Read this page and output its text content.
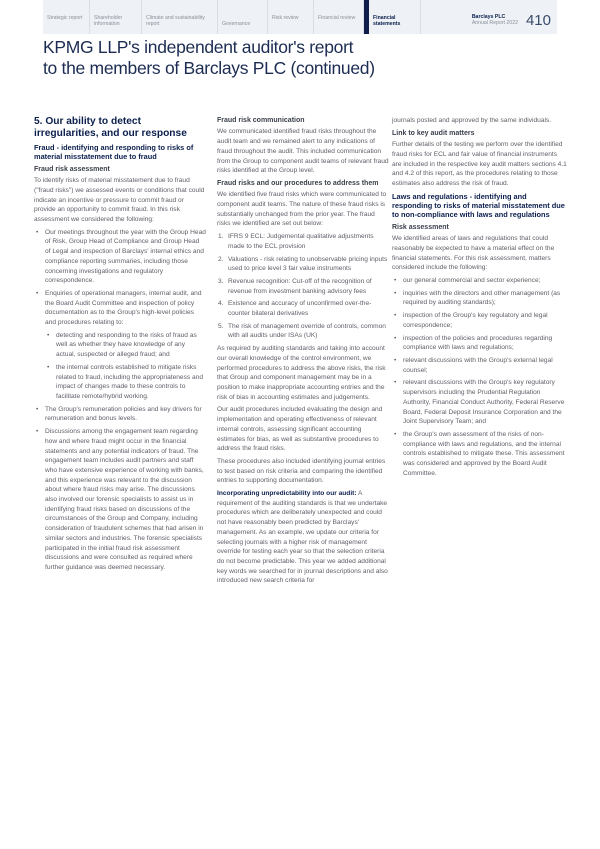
Strategic report	Shareholder information
Climate and sustainability report	Governance
Risk review	Financial review	Financial statements
Barclays PLC
Annual Report 2022 410
KPMG LLP's independent auditor's report
to the members of Barclays PLC (continued)
5. Our ability to detect irregularities, and our response
Fraud - identifying and responding to risks of material misstatement due to fraud
Fraud risk assessment

To identify risks of material misstatement due to fraud ("fraud risks") we assessed events or conditions that could indicate an incentive or pressure to commit fraud or provide an opportunity to commit fraud. In this risk assessment we considered the following:

• Our meetings throughout the year with the Group Head of Risk, Group Head of Compliance and Group Head of Legal and inspection of Barclays' internal ethics and compliance reporting summaries, including those concerning investigations and regulatory correspondence.
• Enquiries of operational managers, internal audit, and the Board Audit Committee and inspection of policy documentation as to the Group's high-level policies and procedures relating to:
• detecting and responding to the risks of fraud as well as whether they have knowledge of any actual, suspected or alleged fraud; and
• the internal controls established to mitigate risks related to fraud, including the appropriateness and impact of changes made to these controls to facilitate remote/hybrid working.
• The Group's remuneration policies and key drivers for remuneration and bonus levels.
• Discussions among the engagement team regarding how and where fraud might occur in the financial statements and any potential indicators of fraud. The engagement team includes audit partners and staff who have extensive experience of working with banks, and this experience was relevant to the discussion about where fraud risks may arise. The discussions also involved our forensic specialists to assist us in identifying fraud risks based on discussions of the circumstances of the Group and Company, including consideration of fraudulent schemes that had arisen in similar sectors and industries. The forensic specialists participated in the initial fraud risk assessment discussions and were consulted as required where further guidance was deemed necessary.
Fraud risk communication

We communicated identified fraud risks throughout the audit team and we remained alert to any indications of fraud throughout the audit. This included communication from the Group to component audit teams of relevant fraud risks identified at the Group level.

Fraud risks and our procedures to address them

We identified five fraud risks which were communicated to component audit teams. The nature of these fraud risks is substantially unchanged from the prior year. The fraud risks we identified are set out below:

1. IFRS 9 ECL: Judgemental qualitative adjustments made to the ECL provision
2. Valuations - risk relating to unobservable pricing inputs used to price level 3 fair value instruments
3. Revenue recognition: Cut-off of the recognition of revenue from investment banking advisory fees
4. Existence and accuracy of unconfirmed over-the-counter bilateral derivatives
5. The risk of management override of controls, common with all audits under ISAs (UK)

As required by auditing standards and taking into account our overall knowledge of the control environment, we performed procedures to address the above risks, the risk that Group and component management may be in a position to make inappropriate accounting entries and the risk of bias in accounting estimates and judgements.

Our audit procedures included evaluating the design and implementation and operating effectiveness of relevant internal controls, assessing significant accounting estimates for bias, as well as substantive procedures to address the fraud risks.

These procedures also included identifying journal entries to test based on risk criteria and comparing the identified entries to supporting documentation.

Incorporating unpredictability into our audit: A requirement of the auditing standards is that we undertake procedures which are deliberately unexpected and could not have reasonably been predicted by Barclays' management. As an example, we update our criteria for selecting journals with a higher risk of management override for testing each year so that the selection criteria do not become predictable. This year we added additional key words we searched for in journal descriptions and also introduced new search criteria for

journals posted and approved by the same individuals.

Link to key audit matters

Further details of the testing we perform over the identified fraud risks for ECL and fair value of financial instruments are included in the respective key audit matters sections 4.1 and 4.2 of this report, as the procedures relating to those estimates also address the risk of fraud.

Laws and regulations - identifying and responding to risks of material misstatement due to non-compliance with laws and regulations
Risk assessment

We identified areas of laws and regulations that could reasonably be expected to have a material effect on the financial statements. For this risk assessment, matters considered include the following:

• our general commercial and sector experience;
• inquiries with the directors and other management (as required by auditing standards);
• inspection of the Group's key regulatory and legal correspondence;
• inspection of the policies and procedures regarding compliance with laws and regulations;
• relevant discussions with the Group's external legal counsel;
• relevant discussions with the Group's key regulatory supervisors including the Prudential Regulation Authority, Financial Conduct Authority, Federal Reserve Board, Federal Deposit Insurance Corporation and the Joint Supervisory Team; and
• the Group's own assessment of the risks of non-compliance with laws and regulations, and the internal controls established to mitigate these. This assessment was considered and approved by the Board Audit Committee.
